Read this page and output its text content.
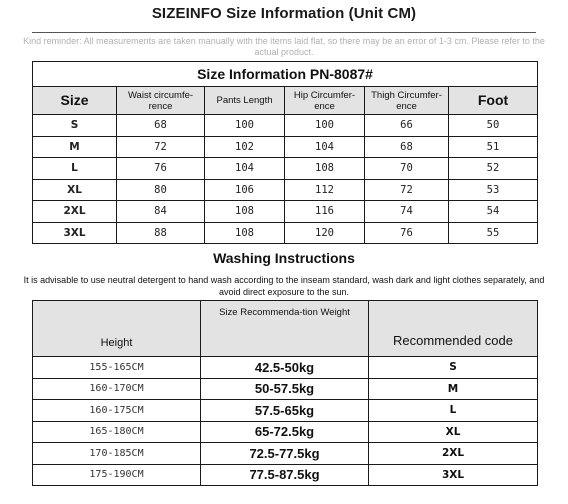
SIZEINFO Size Information (Unit CM)
Kind reminder: All measurements are taken manually with the items laid flat, so there may be an error of 1-3 cm. Please refer to the actual product.
Size Information PN-8087#					
Size	Waist circumfe-rence	Pants Length	Hip Circumfer-ence	Thigh Circumfer-ence	Foot
S	68	100	100	66	50
M	72	102	104	68	51
L	76	104	108	70	52
XL	80	106	112	72	53
2XL	84	108	116	74	54
3XL	88	108	120	76	55
Washing Instructions
It is advisable to use neutral detergent to hand wash according to the inseam standard, wash dark and light clothes separately, and avoid direct exposure to the sun.
Height	Size Recommenda-tion Weight	Recommended code
155-165CM	42.5-50kg	S
160-170CM	50-57.5kg	M
160-175CM	57.5-65kg	L
165-180CM	65-72.5kg	XL
170-185CM	72.5-77.5kg	2XL
175-190CM	77.5-87.5kg	3XL
